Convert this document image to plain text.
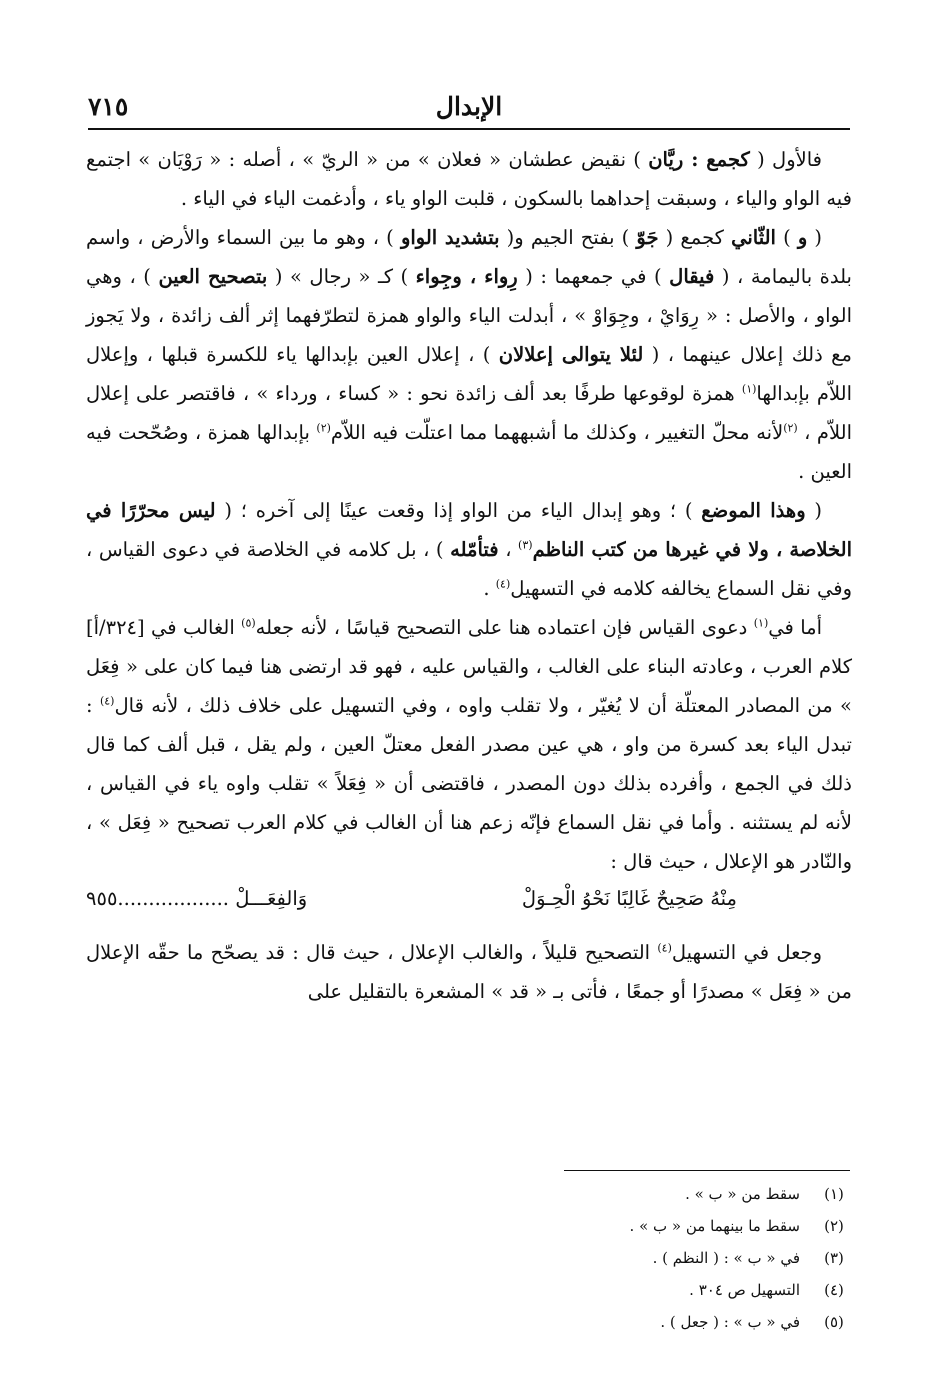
الإبدال
٧١٥

فالأول ( كجمع : ريَّان ) نقيض عطشان « فعلان » من « الريّ » ، أصله : « رَوْيَان » اجتمع فيه الواو والياء ، وسبقت إحداهما بالسكون ، قلبت الواو ياء ، وأدغمت الياء في الياء .

( و ) الثّاني كجمع ( جَوّ ) بفتح الجيم و( بتشديد الواو ) ، وهو ما بين السماء والأرض ، واسم بلدة باليمامة ، ( فيقال ) في جمعهما : ( رِواء ، وجِواء ) كـ « رجال » ( بتصحيح العين ) ، وهي الواو ، والأصل : « رِوَايْ ، وجِوَاوْ » ، أبدلت الياء والواو همزة لتطرّفهما إثر ألف زائدة ، ولا يَجوز مع ذلك إعلال عينهما ، ( لئلا يتوالى إعلالان ) ، إعلال العين بإبدالها ياء للكسرة قبلها ، وإعلال اللاّم بإبدالها$^{(١)}$ همزة لوقوعها طرفًا بعد ألف زائدة نحو : « كساء ، ورداء » ، فاقتصر على إعلال اللاّم ، $^{(٢)}$لأنه محلّ التغيير ، وكذلك ما أشبههما مما اعتلّت فيه اللاّم$^{(٢)}$ بإبدالها همزة ، وصُحّحت فيه العين .

( وهذا الموضع ) ؛ وهو إبدال الياء من الواو إذا وقعت عينًا إلى آخره ؛ ( ليس محرّرًا في الخلاصة ، ولا في غيرها من كتب الناظم$^{(٣)}$ ، فتأمّله ) ، بل كلامه في الخلاصة في دعوى القياس ، وفي نقل السماع يخالفه كلامه في التسهيل$^{(٤)}$ .

أما في$^{(١)}$ دعوى القياس فإن اعتماده هنا على التصحيح قياسًا ، لأنه جعله$^{(٥)}$ الغالب في [٣٢٤/أ] كلام العرب ، وعادته البناء على الغالب ، والقياس عليه ، فهو قد ارتضى هنا فيما كان على « فِعَل » من المصادر المعتلّة أن لا يُغيّر ، ولا تقلب واوه ، وفي التسهيل على خلاف ذلك ، لأنه قال$^{(٤)}$ : تبدل الياء بعد كسرة من واو ، هي عين مصدر الفعل معتلّ العين ، ولم يقل ، قبل ألف كما قال ذلك في الجمع ، وأفرده بذلك دون المصدر ، فاقتضى أن « فِعَلاً » تقلب واوه ياء في القياس ، لأنه لم يستثنه . وأما في نقل السماع فإنّه زعم هنا أن الغالب في كلام العرب تصحيح « فِعَل » ، والنّادر هو الإعلال ، حيث قال :

مِنْهُ صَحِيحٌ غَالِبًا نَحْوُ الْحِـوَلْ
وَالفِعَـــلْ ..................٩٥٥

وجعل في التسهيل$^{(٤)}$ التصحيح قليلاً ، والغالب الإعلال ، حيث قال : قد يصحّح ما حقّه الإعلال من « فِعَل » مصدرًا أو جمعًا ، فأتى بـ « قد » المشعرة بالتقليل على

(١)
سقط من « ب » .
(٢)
سقط ما بينهما من « ب » .
(٣)
في « ب » : ( النظم ) .
(٤)
التسهيل ص ٣٠٤ .
(٥)
في « ب » : ( جعل ) .
